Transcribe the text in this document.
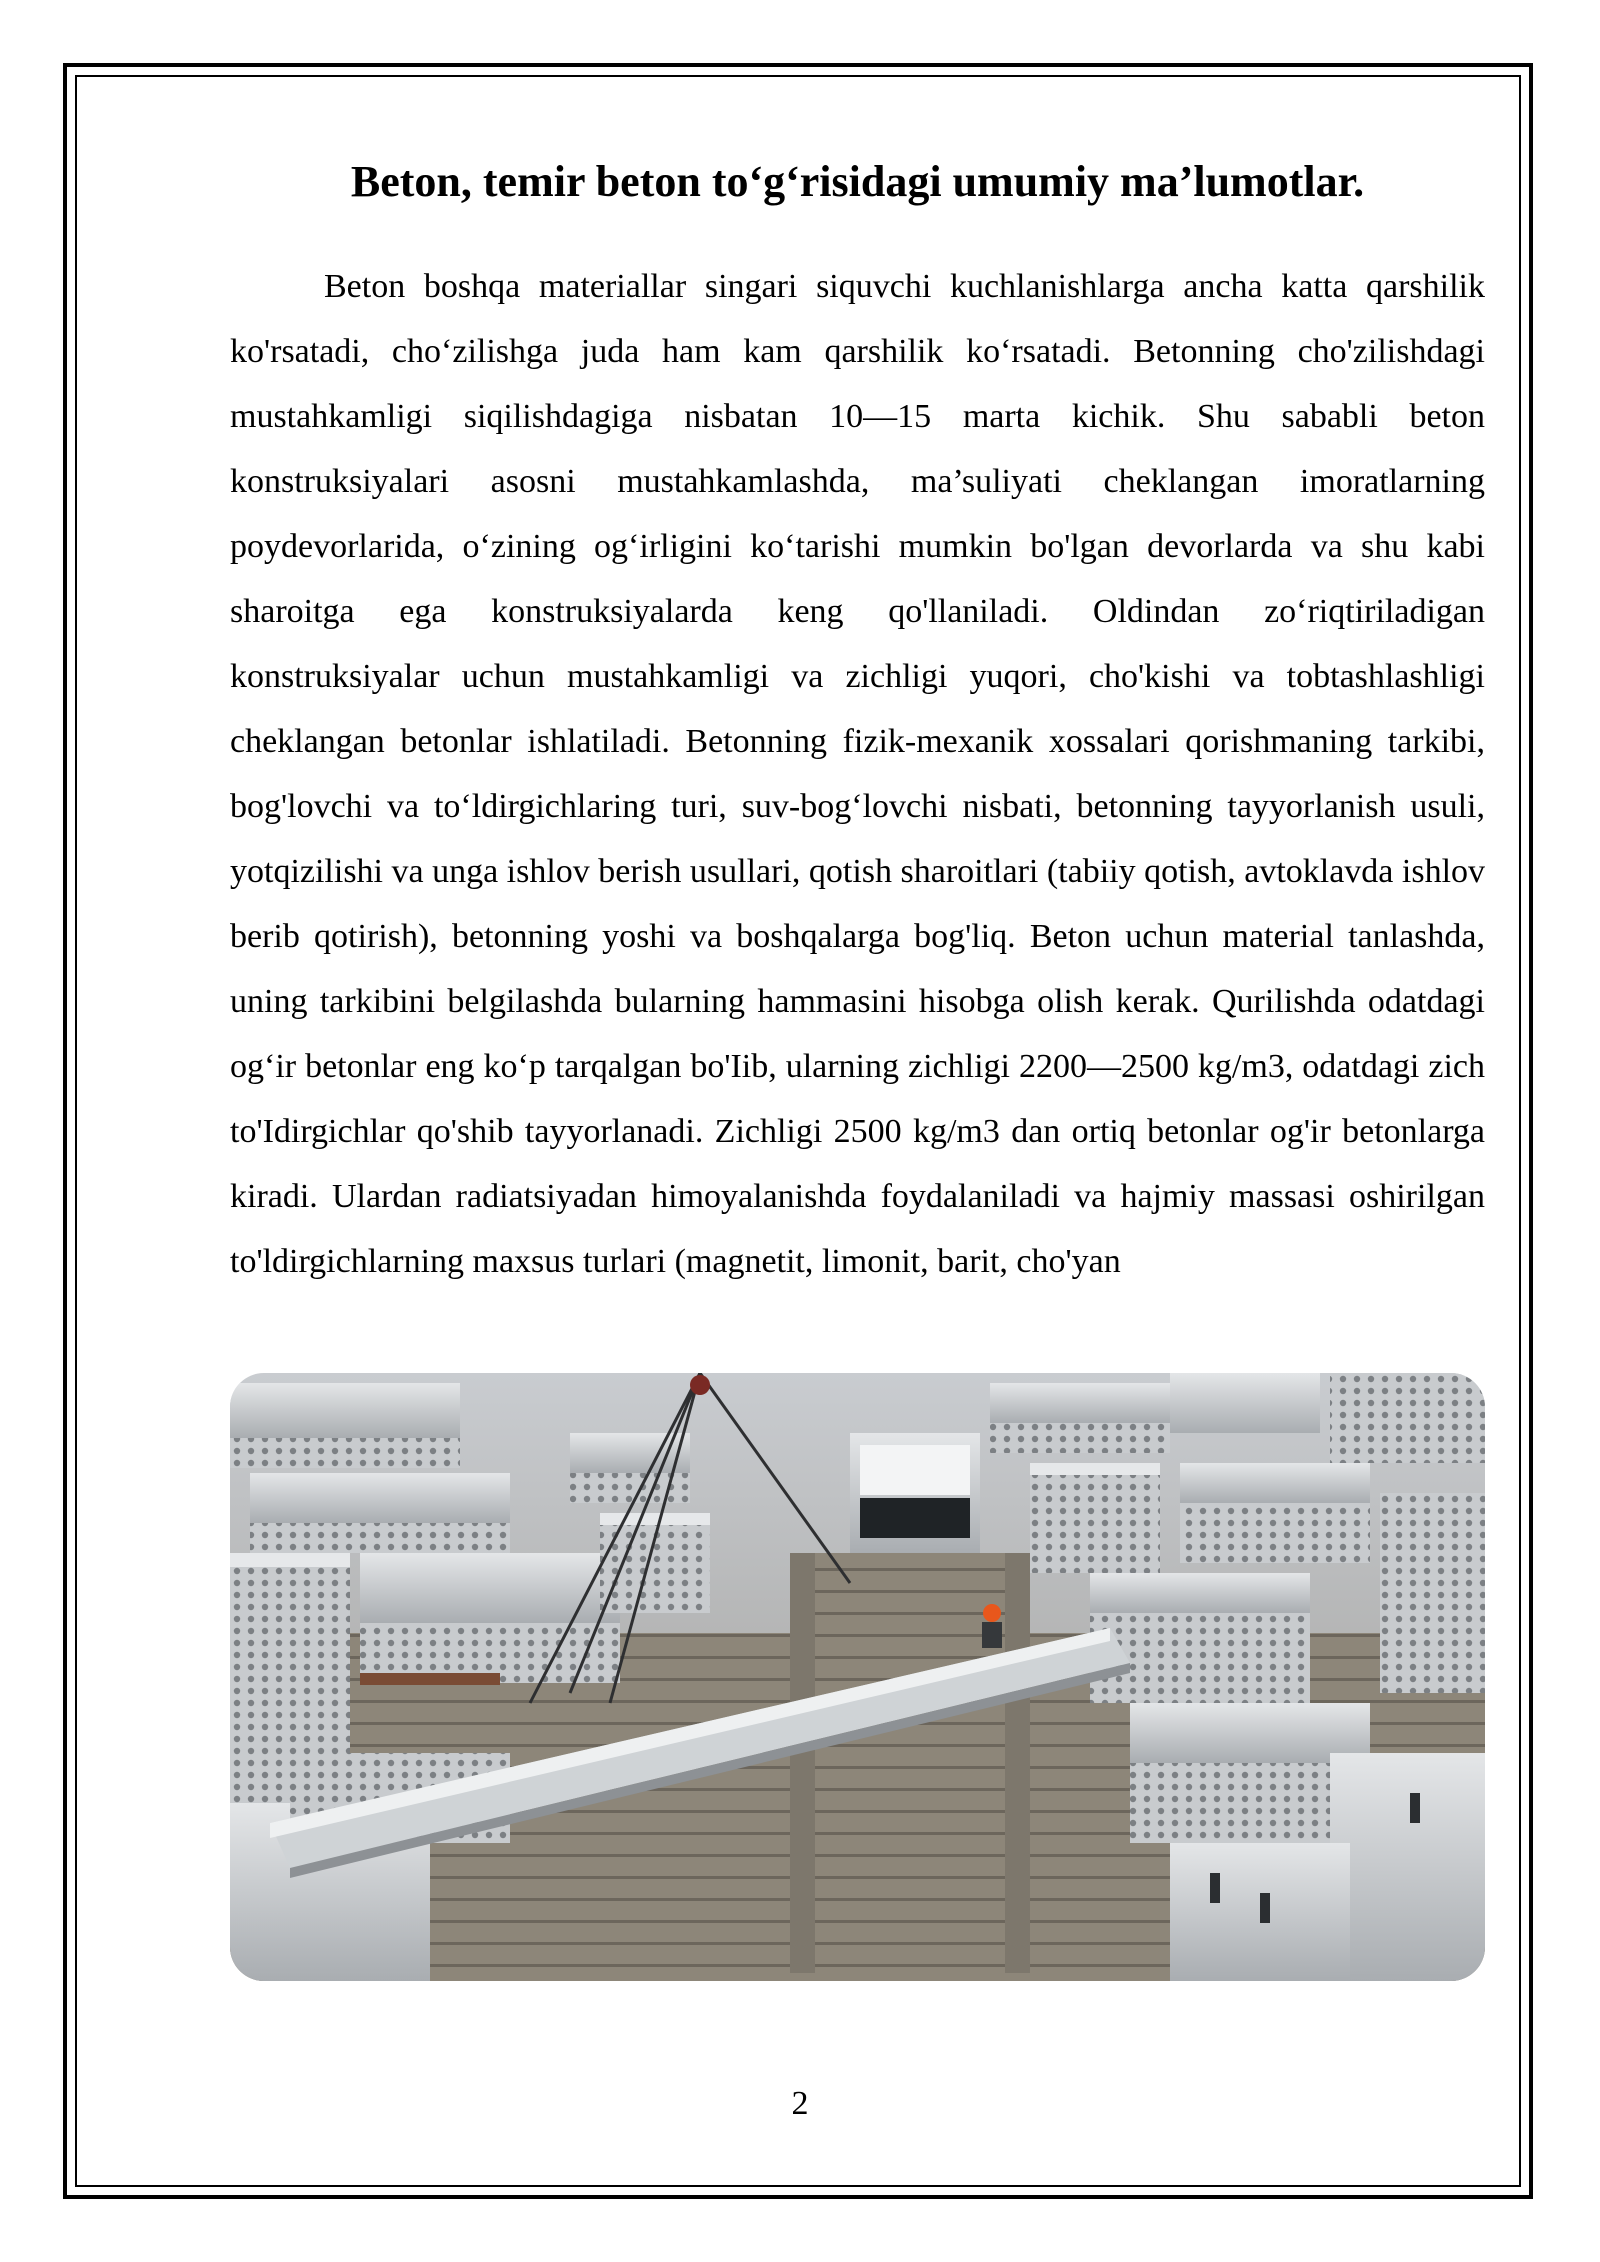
Beton, temir beton to‘g‘risidagi umumiy ma’lumotlar.

Beton boshqa materiallar singari siquvchi kuchlanishlarga ancha katta qarshilik ko'rsatadi, cho‘zilishga juda ham kam qarshilik ko‘rsatadi. Betonning cho'zilishdagi mustahkamligi siqilishdagiga nisbatan 10—15 marta kichik. Shu sababli beton konstruksiyalari asosni mustahkamlashda, ma’suliyati cheklangan imoratlarning poydevorlarida, o‘zining og‘irligini ko‘tarishi mumkin bo'lgan devorlarda va shu kabi sharoitga ega konstruksiyalarda keng qo'llaniladi. Oldindan zo‘riqtiriladigan konstruksiyalar uchun mustahkamligi va zichligi yuqori, cho'kishi va tobtashlashligi cheklangan betonlar ishlatiladi. Betonning fizik-mexanik xossalari qorishmaning tarkibi, bog'lovchi va to‘ldirgichlaring turi, suv-bog‘lovchi nisbati, betonning tayyorlanish usuli, yotqizilishi va unga ishlov berish usullari, qotish sharoitlari (tabiiy qotish, avtoklavda ishlov berib qotirish), betonning yoshi va boshqalarga bog'liq. Beton uchun material tanlashda, uning tarkibini belgilashda bularning hammasini hisobga olish kerak. Qurilishda odatdagi og‘ir betonlar eng ko‘p tarqalgan bo'Iib, ularning zichligi 2200—2500 kg/m3, odatdagi zich to'Idirgichlar qo'shib tayyorlanadi. Zichligi 2500 kg/m3 dan ortiq betonlar og'ir betonlarga kiradi. Ulardan radiatsiyadan himoyalanishda foydalaniladi va hajmiy massasi oshirilgan to'ldirgichlarning maxsus turlari (magnetit, limonit, barit, cho'yan

2
